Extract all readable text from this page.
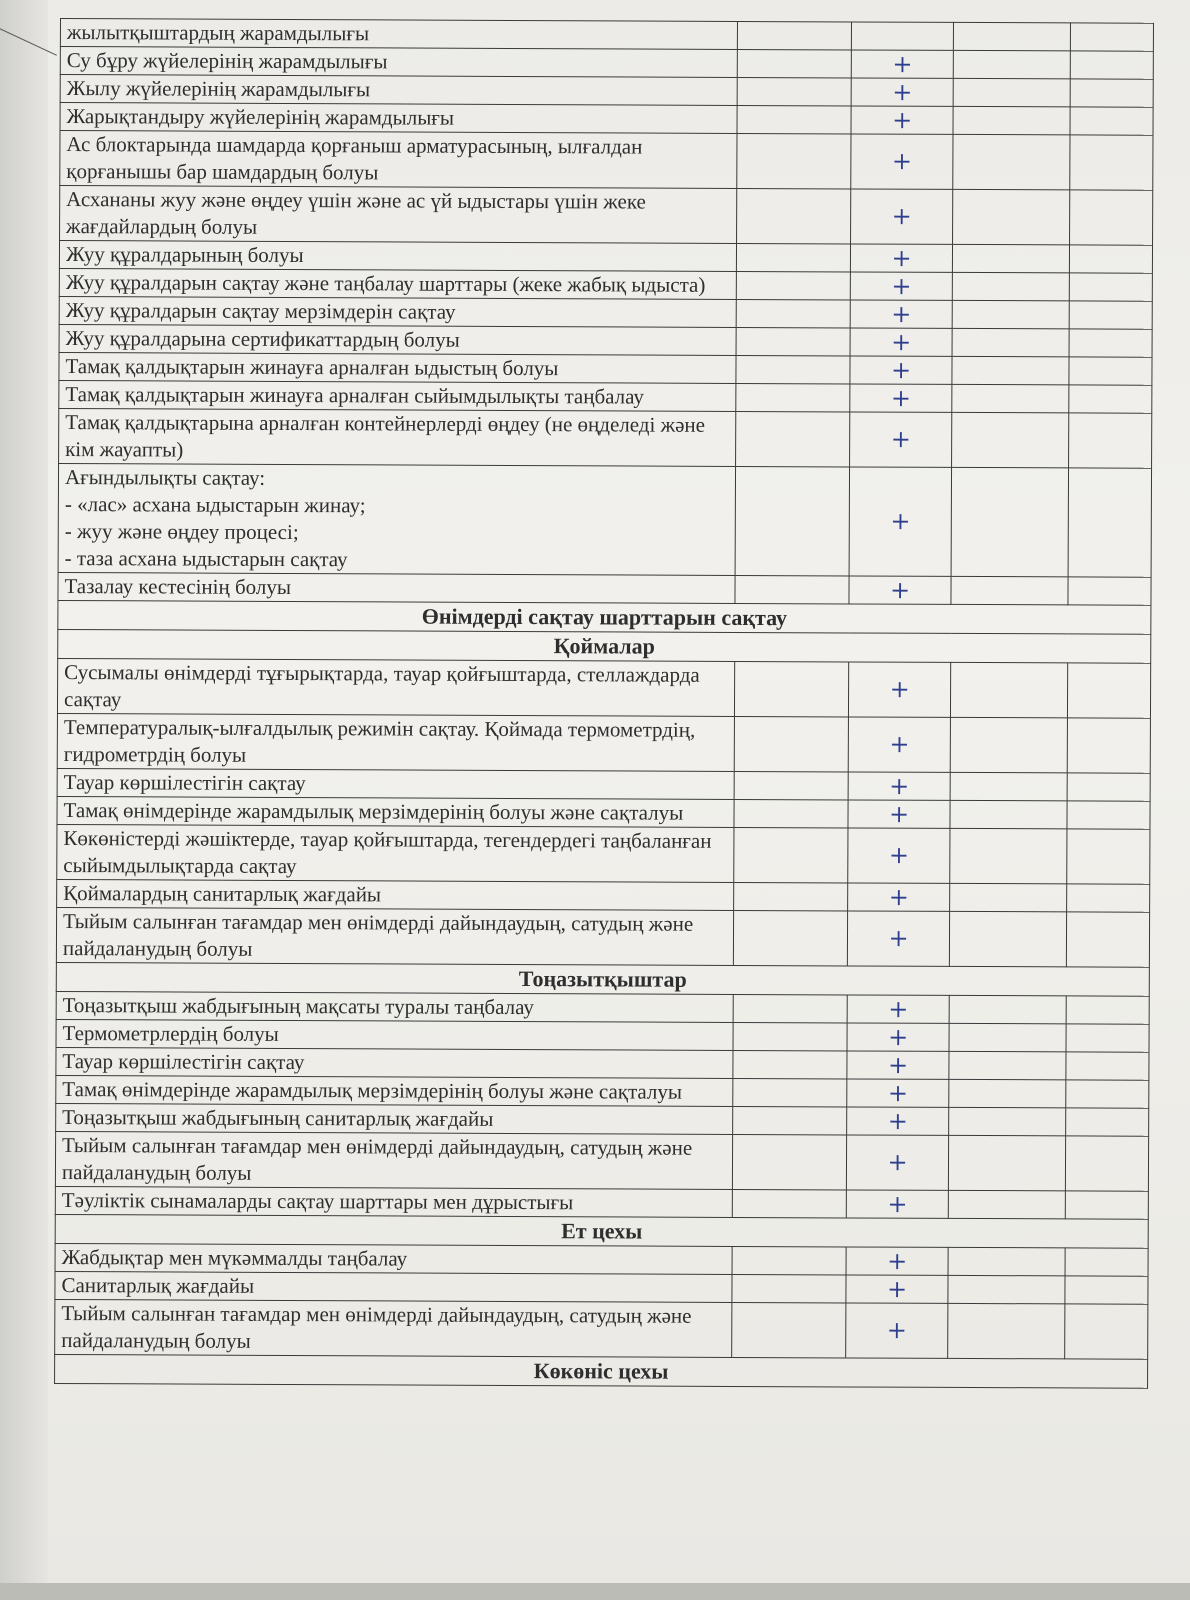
жылытқыштардың жарамдылығы		

Су бұру жүйелерінің жарамдылығы		+		

Жылу жүйелерінің жарамдылығы		+		

Жарықтандыру жүйелерінің жарамдылығы		+		

Ас блоктарында шамдарда қорғаныш арматурасының, ылғалдан қорғанышы бар шамдардың болуы		+		

Асхананы жуу және өңдеу үшін және ас үй ыдыстары үшін жеке жағдайлардың болуы		+		

Жуу құралдарының болуы		+		

Жуу құралдарын сақтау және таңбалау шарттары (жеке жабық ыдыста)		+		

Жуу құралдарын сақтау мерзімдерін сақтау		+		

Жуу құралдарына сертификаттардың болуы		+		

Тамақ қалдықтарын жинауға арналған ыдыстың болуы		+		

Тамақ қалдықтарын жинауға арналған сыйымдылықты таңбалау		+		

Тамақ қалдықтарына арналған контейнерлерді өңдеу (не өңделеді және кім жауапты)		+		

Ағындылықты сақтау:
- «лас» асхана ыдыстарын жинау;
- жуу және өңдеу процесі;
- таза асхана ыдыстарын сақтау		+		

Тазалау кестесінің болуы		+		

Өнімдерді сақтау шарттарын сақтау				
Қоймалар				
Сусымалы өнімдерді тұғырықтарда, тауар қойғыштарда, стеллаждарда сақтау		+		

Температуралық-ылғалдылық режимін сақтау. Қоймада термометрдің, гидрометрдің болуы		+		

Тауар көршілестігін сақтау		+		

Тамақ өнімдерінде жарамдылық мерзімдерінің болуы және сақталуы		+		

Көкөністерді жәшіктерде, тауар қойғыштарда, тегендердегі таңбаланған сыйымдылықтарда сақтау		+		

Қоймалардың санитарлық жағдайы		+		

Тыйым салынған тағамдар мен өнімдерді дайындаудың, сатудың және пайдаланудың болуы		+		

Тоңазытқыштар				
Тоңазытқыш жабдығының мақсаты туралы таңбалау		+		

Термометрлердің болуы		+		

Тауар көршілестігін сақтау		+		

Тамақ өнімдерінде жарамдылық мерзімдерінің болуы және сақталуы		+		

Тоңазытқыш жабдығының санитарлық жағдайы		+		

Тыйым салынған тағамдар мен өнімдерді дайындаудың, сатудың және пайдаланудың болуы		+		

Тәуліктік сынамаларды сақтау шарттары мен дұрыстығы		+		

Ет цехы				
Жабдықтар мен мүкәммалды таңбалау		+		

Санитарлық жағдайы		+		

Тыйым салынған тағамдар мен өнімдерді дайындаудың, сатудың және пайдаланудың болуы		+		

Көкөніс цехы				
